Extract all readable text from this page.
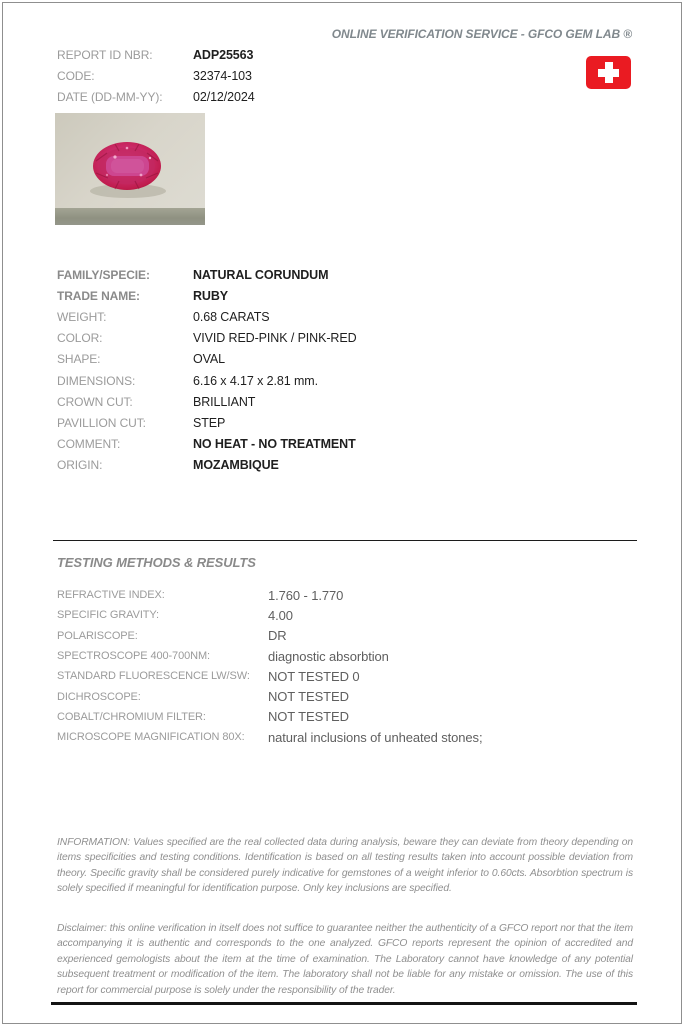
ONLINE VERIFICATION SERVICE - GFCO GEM LAB ®
REPORT ID NBR:	ADP25563
CODE:	32374-103
DATE (DD-MM-YY):	02/12/2024
FAMILY/SPECIE:	NATURAL CORUNDUM
TRADE NAME:	RUBY
WEIGHT:	0.68 CARATS
COLOR:	VIVID RED-PINK / PINK-RED
SHAPE:	OVAL
DIMENSIONS:	6.16 x 4.17 x 2.81 mm.
CROWN CUT:	BRILLIANT
PAVILLION CUT:	STEP
COMMENT:	NO HEAT - NO TREATMENT
ORIGIN:	MOZAMBIQUE
TESTING METHODS & RESULTS
REFRACTIVE INDEX:	1.760 - 1.770
SPECIFIC GRAVITY:	4.00
POLARISCOPE:	DR
SPECTROSCOPE 400-700NM:	diagnostic absorbtion
STANDARD FLUORESCENCE LW/SW:	NOT TESTED 0
DICHROSCOPE:	NOT TESTED
COBALT/CHROMIUM FILTER:	NOT TESTED
MICROSCOPE MAGNIFICATION 80X:	natural inclusions of unheated stones;
INFORMATION: Values specified are the real collected data during analysis, beware they can deviate from theory depending on items specificities and testing conditions. Identification is based on all testing results taken into account possible deviation from theory. Specific gravity shall be considered purely indicative for gemstones of a weight inferior to 0.60cts. Absorbtion spectrum is solely specified if meaningful for identification purpose. Only key inclusions are specified.
Disclaimer: this online verification in itself does not suffice to guarantee neither the authenticity of a GFCO report nor that the item accompanying it is authentic and corresponds to the one analyzed. GFCO reports represent the opinion of accredited and experienced gemologists about the item at the time of examination. The Laboratory cannot have knowledge of any potential subsequent treatment or modification of the item. The laboratory shall not be liable for any mistake or omission. The use of this report for commercial purpose is solely under the responsibility of the trader.
